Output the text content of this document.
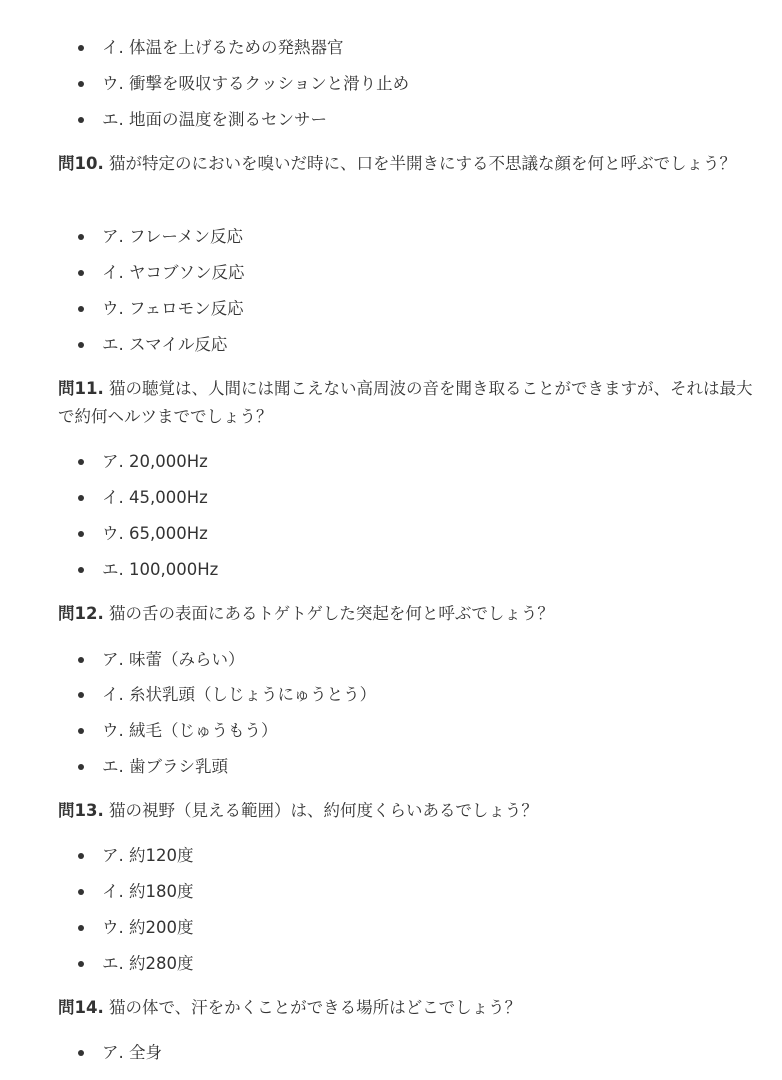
イ. 体温を上げるための発熱器官
ウ. 衝撃を吸収するクッションと滑り止め
エ. 地面の温度を測るセンサー
問10. 猫が特定のにおいを嗅いだ時に、口を半開きにする不思議な顔を何と呼ぶでしょう？
ア. フレーメン反応
イ. ヤコブソン反応
ウ. フェロモン反応
エ. スマイル反応
問11. 猫の聴覚は、人間には聞こえない高周波の音を聞き取ることができますが、それは最大で約何ヘルツまででしょう？
ア. 20,000Hz
イ. 45,000Hz
ウ. 65,000Hz
エ. 100,000Hz
問12. 猫の舌の表面にあるトゲトゲした突起を何と呼ぶでしょう？
ア. 味蕾（みらい）
イ. 糸状乳頭（しじょうにゅうとう）
ウ. 絨毛（じゅうもう）
エ. 歯ブラシ乳頭
問13. 猫の視野（見える範囲）は、約何度くらいあるでしょう？
ア. 約120度
イ. 約180度
ウ. 約200度
エ. 約280度
問14. 猫の体で、汗をかくことができる場所はどこでしょう？
ア. 全身
